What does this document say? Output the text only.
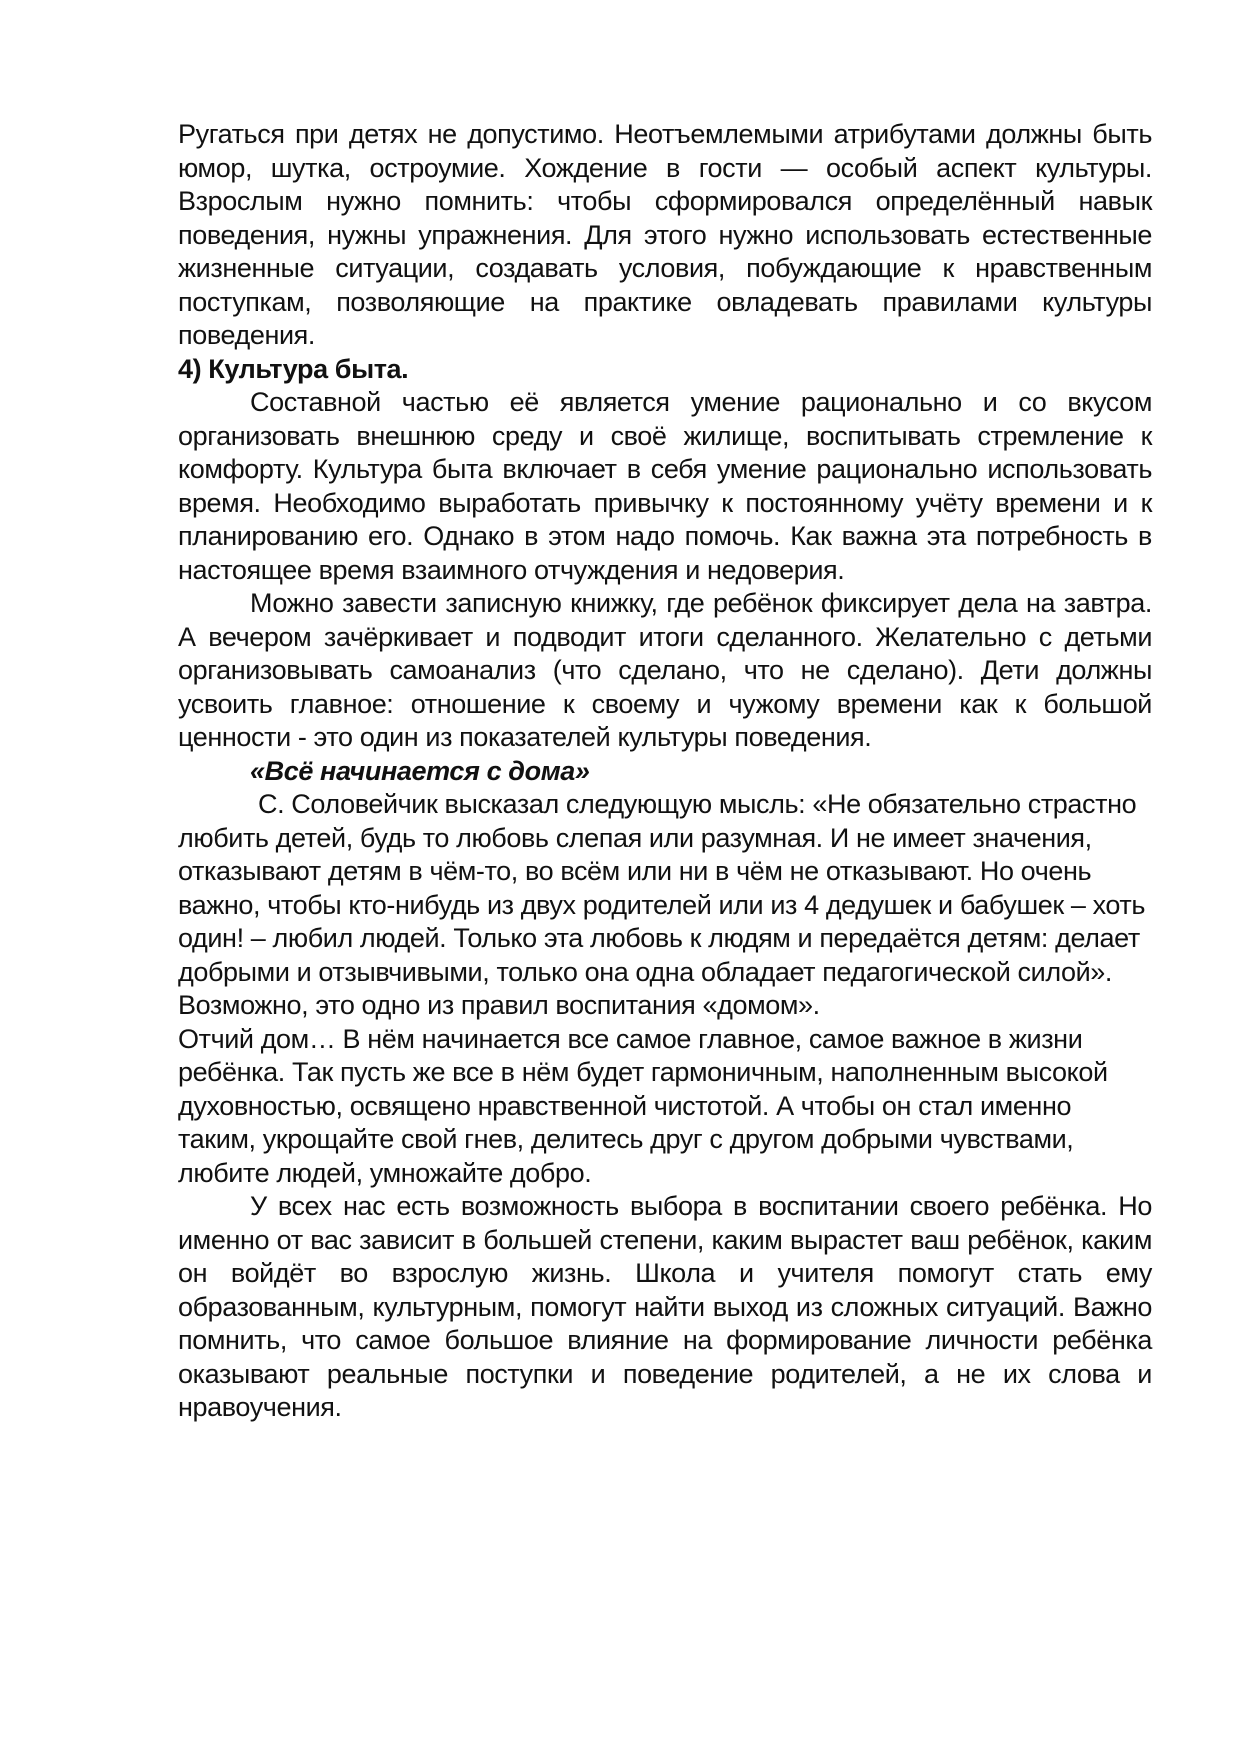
Ругаться при детях не допустимо. Неотъемлемыми атрибутами должны быть юмор, шутка, остроумие. Хождение в гости — особый аспект культуры. Взрослым нужно помнить: чтобы сформировался определённый навык поведения, нужны упражнения. Для этого нужно использовать естественные жизненные ситуации, создавать условия, побуждающие к нравственным поступкам, позволяющие на практике овладевать правилами культуры поведения.

4) Культура быта.

Составной частью её является умение рационально и со вкусом организовать внешнюю среду и своё жилище, воспитывать стремление к комфорту. Культура быта включает в себя умение рационально использовать время. Необходимо выработать привычку к постоянному учёту времени и к планированию его. Однако в этом надо помочь. Как важна эта потребность в настоящее время взаимного отчуждения и недоверия.

Можно завести записную книжку, где ребёнок фиксирует дела на завтра. А вечером зачёркивает и подводит итоги сделанного. Желательно с детьми организовывать самоанализ (что сделано, что не сделано). Дети должны усвоить главное: отношение к своему и чужому времени как к большой ценности - это один из показателей культуры поведения.

«Всё начинается с дома»

С. Соловейчик высказал следующую мысль: «Не обязательно страстно любить детей, будь то любовь слепая или разумная. И не имеет значения, отказывают детям в чём-то, во всём или ни в чём не отказывают. Но очень важно, чтобы кто-нибудь из двух родителей или из 4 дедушек и бабушек – хоть один! – любил людей. Только эта любовь к людям и передаётся детям: делает добрыми и отзывчивыми, только она одна обладает педагогической силой». Возможно, это одно из правил воспитания «домом».

Отчий дом… В нём начинается все самое главное, самое важное в жизни ребёнка. Так пусть же все в нём будет гармоничным, наполненным высокой духовностью, освящено нравственной чистотой. А чтобы он стал именно таким, укрощайте свой гнев, делитесь друг с другом добрыми чувствами, любите людей, умножайте добро.

У всех нас есть возможность выбора в воспитании своего ребёнка. Но именно от вас зависит в большей степени, каким вырастет ваш ребёнок, каким он войдёт во взрослую жизнь. Школа и учителя помогут стать ему образованным, культурным, помогут найти выход из сложных ситуаций. Важно помнить, что самое большое влияние на формирование личности ребёнка оказывают реальные поступки и поведение родителей, а не их слова и нравоучения.
